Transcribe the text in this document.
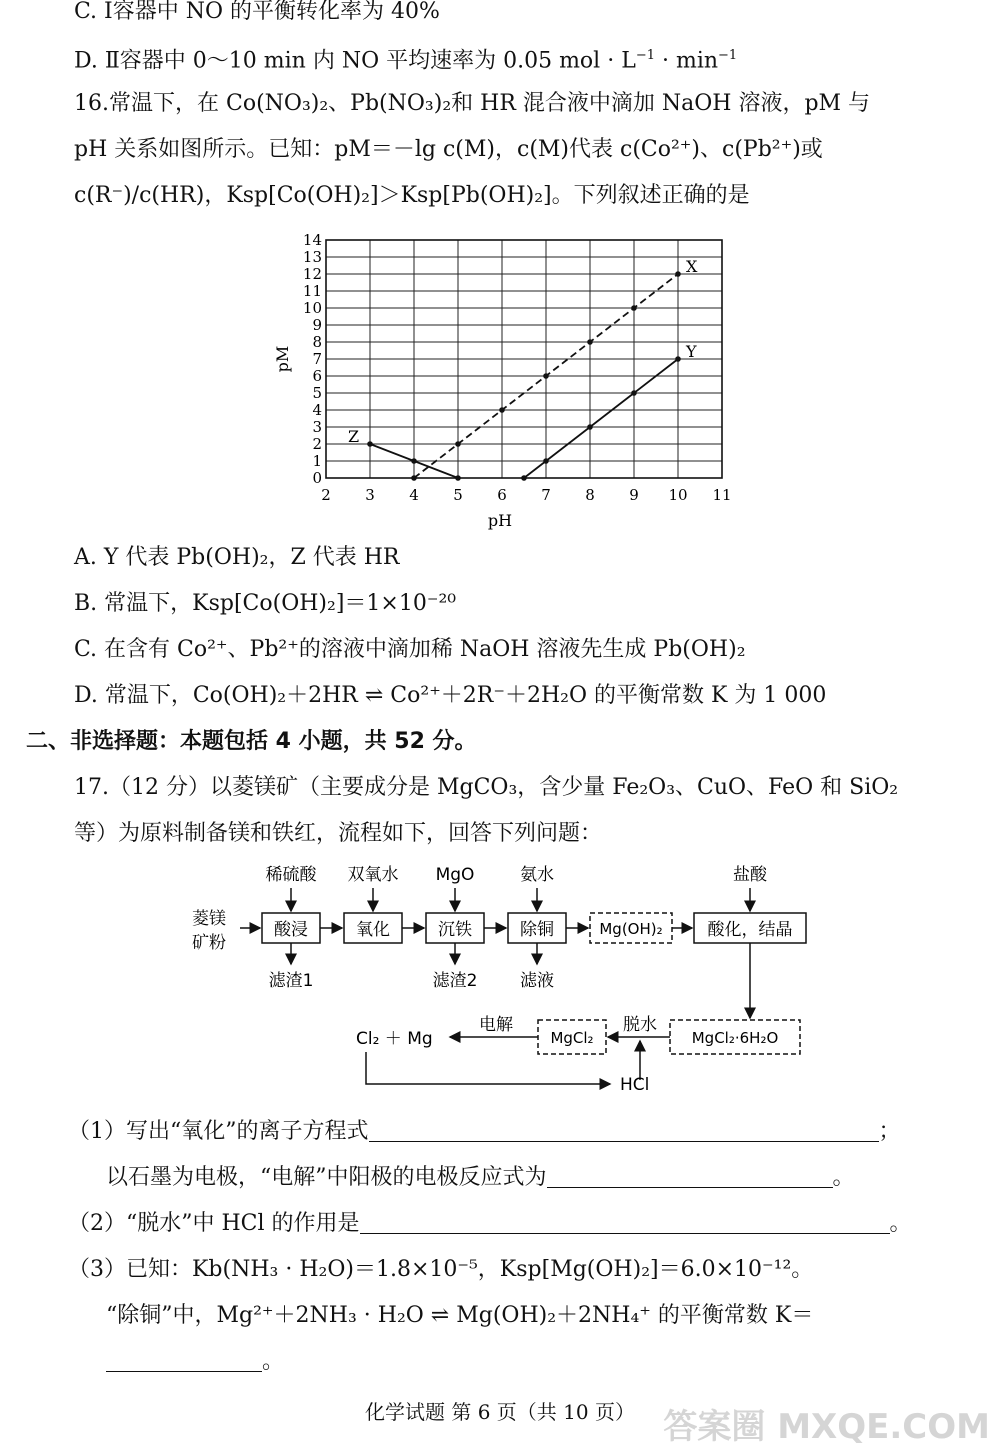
C. Ⅰ容器中 NO 的平衡转化率为 40%
D. Ⅱ容器中 0～10 min 内 NO 平均速率为 0.05 mol · $L^{-1} \cdot \min^{-1}$
16.常温下，在 Co(NO₃)₂、Pb(NO₃)₂和 HR 混合液中滴加 NaOH 溶液，pM 与
pH 关系如图所示。已知：pM＝－lg c(M)，c(M)代表 c(Co²⁺)、c(Pb²⁺)或
c(R⁻)/c(HR)，Ksp[Co(OH)₂]＞Ksp[Pb(OH)₂]。下列叙述正确的是
2 3 4 5 6 7 8 9 10 11
0
1
2
3
4
5
6
7
8
9
10
11
12
13
14
pH
pM
X
Y
Z
A. Y 代表 Pb(OH)₂，Z 代表 HR
B. 常温下，Ksp[Co(OH)₂]＝1×10⁻²⁰
C. 在含有 Co²⁺、Pb²⁺的溶液中滴加稀 NaOH 溶液先生成 Pb(OH)₂
D. 常温下，Co(OH)₂＋2HR ⇌ Co²⁺＋2R⁻＋2H₂O 的平衡常数 K 为 1 000
二、非选择题：本题包括 4 小题，共 52 分。
17.（12 分）以菱镁矿（主要成分是 MgCO₃，含少量 Fe₂O₃、CuO、FeO 和 SiO₂
等）为原料制备镁和铁红，流程如下，回答下列问题：
菱镁
矿粉
酸浸	氧化	沉铁	除铜	Mg(OH)₂	酸化，结晶
稀硫酸 双氧水 MgO	氨水	盐酸
滤渣1	滤渣2	滤液
MgCl₂·6H₂O
脱水
MgCl₂
电解
Cl₂ ＋ Mg
HCl
（1）写出“氧化”的离子方程式	；
以石墨为电极，“电解”中阳极的电极反应式为	。
（2）“脱水”中 HCl 的作用是	。
（3）已知：Kb(NH₃ · H₂O)＝1.8×10⁻⁵，Ksp[Mg(OH)₂]＝6.0×10⁻¹²。
“除铜”中，Mg²⁺＋2NH₃ · H₂O ⇌ Mg(OH)₂＋2NH₄⁺ 的平衡常数 K＝
。
化学试题 第 6 页（共 10 页） 答案圈 MXQE.COM
